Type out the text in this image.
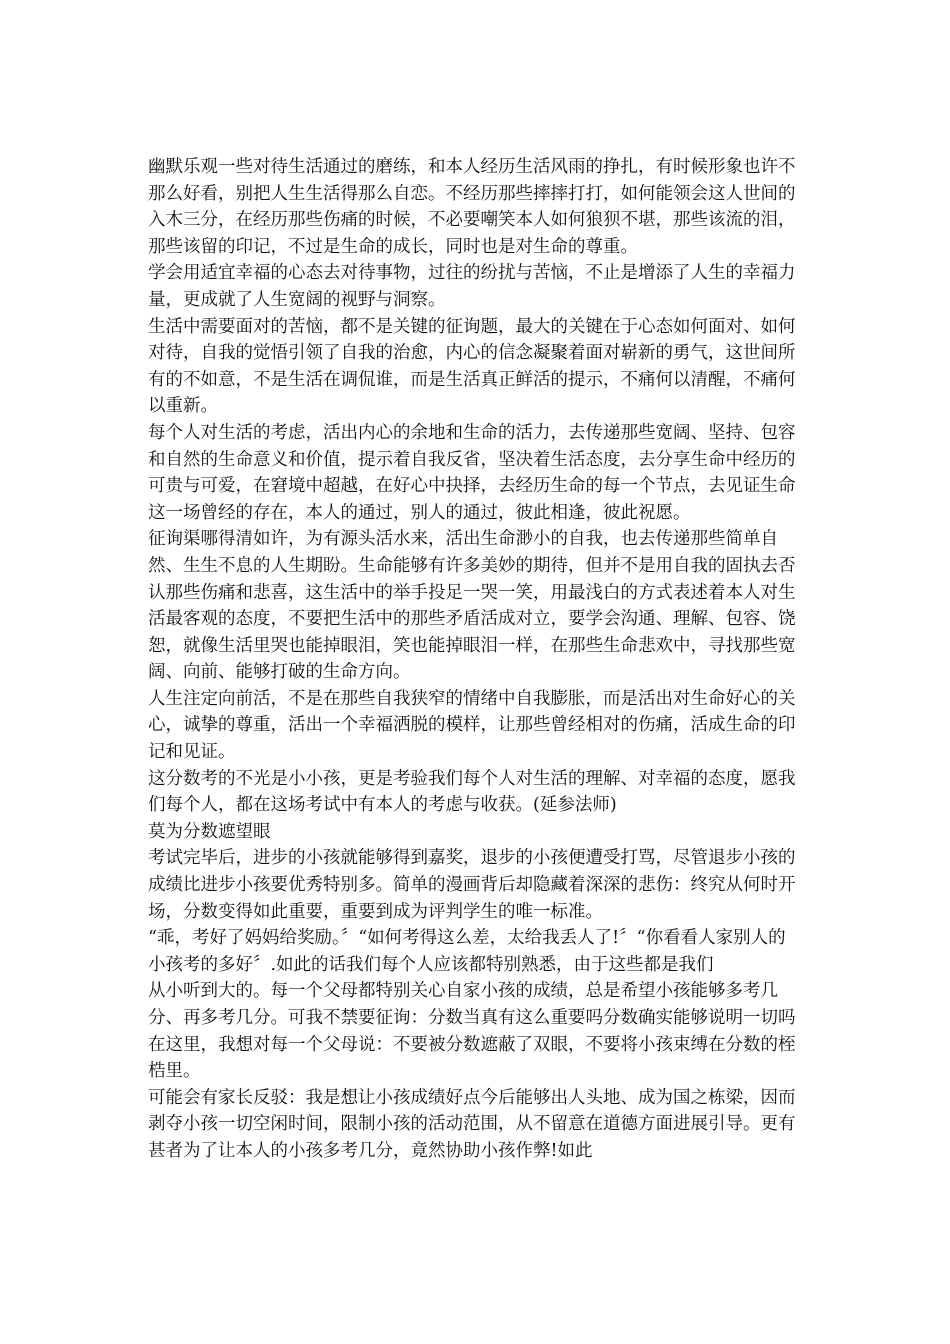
幽默乐观一些对待生活通过的磨练，和本人经历生活风雨的挣扎，有时候形象也许不那么好看，别把人生生活得那么自恋。不经历那些摔摔打打，如何能领会这人世间的入木三分，在经历那些伤痛的时候，不必要嘲笑本人如何狼狈不堪，那些该流的泪，那些该留的印记，不过是生命的成长，同时也是对生命的尊重。

学会用适宜幸福的心态去对待事物，过往的纷扰与苦恼，不止是增添了人生的幸福力量，更成就了人生宽阔的视野与洞察。

生活中需要面对的苦恼，都不是关键的征询题，最大的关键在于心态如何面对、如何对待，自我的觉悟引领了自我的治愈，内心的信念凝聚着面对崭新的勇气，这世间所有的不如意，不是生活在调侃谁，而是生活真正鲜活的提示，不痛何以清醒，不痛何以重新。

每个人对生活的考虑，活出内心的余地和生命的活力，去传递那些宽阔、坚持、包容和自然的生命意义和价值，提示着自我反省，坚决着生活态度，去分享生命中经历的可贵与可爱，在窘境中超越，在好心中抉择，去经历生命的每一个节点，去见证生命这一场曾经的存在，本人的通过，别人的通过，彼此相逢，彼此祝愿。

征询渠哪得清如许，为有源头活水来，活出生命渺小的自我，也去传递那些简单自然、生生不息的人生期盼。生命能够有许多美妙的期待，但并不是用自我的固执去否认那些伤痛和悲喜，这生活中的举手投足一哭一笑，用最浅白的方式表述着本人对生活最客观的态度，不要把生活中的那些矛盾活成对立，要学会沟通、理解、包容、饶恕，就像生活里哭也能掉眼泪，笑也能掉眼泪一样，在那些生命悲欢中，寻找那些宽阔、向前、能够打破的生命方向。

人生注定向前活，不是在那些自我狭窄的情绪中自我膨胀，而是活出对生命好心的关心，诚挚的尊重，活出一个幸福洒脱的模样，让那些曾经相对的伤痛，活成生命的印记和见证。

这分数考的不光是小小孩，更是考验我们每个人对生活的理解、对幸福的态度，愿我们每个人，都在这场考试中有本人的考虑与收获。(延参法师)

莫为分数遮望眼

考试完毕后，进步的小孩就能够得到嘉奖，退步的小孩便遭受打骂，尽管退步小孩的成绩比进步小孩要优秀特别多。简单的漫画背后却隐藏着深深的悲伤：终究从何时开场，分数变得如此重要，重要到成为评判学生的唯一标准。

“乖，考好了妈妈给奖励。〞“如何考得这么差，太给我丢人了!〞“你看看人家别人的小孩考的多好〞.如此的话我们每个人应该都特别熟悉，由于这些都是我们

从小听到大的。每一个父母都特别关心自家小孩的成绩，总是希望小孩能够多考几分、再多考几分。可我不禁要征询：分数当真有这么重要吗分数确实能够说明一切吗在这里，我想对每一个父母说：不要被分数遮蔽了双眼，不要将小孩束缚在分数的桎梏里。

可能会有家长反驳：我是想让小孩成绩好点今后能够出人头地、成为国之栋梁，因而剥夺小孩一切空闲时间，限制小孩的活动范围，从不留意在道德方面进展引导。更有甚者为了让本人的小孩多考几分，竟然协助小孩作弊!如此
